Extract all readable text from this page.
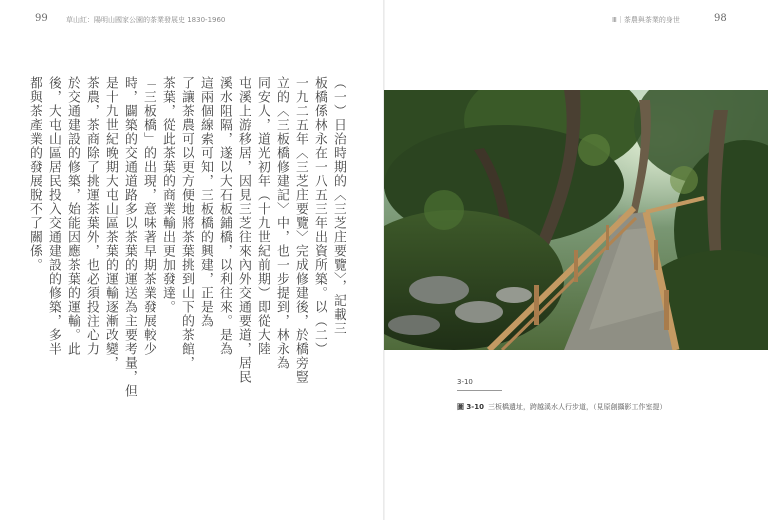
99	草山紅：陽明山國家公園的茶業發展史 1830-1960	Ⅲ｜茶農與茶業的身世	98
（一）日治時期的〈三芝庄要覽〉，記載三
板橋係林永在一八五三年出資所築。以（二）
一九二五年〈三芝庄要覽〉完成修建後，於橋旁豎
立的〈三板橋修建記〉中，也一步提到，林永為
同安人，道光初年（十九世紀前期）即從大陸
屯溪上游移居，因見三芝往來內外交通要道，居民
溪水阻隔，遂以大石板鋪橋，以利往來。是為
這兩個線索可知，三板橋的興建，正是為
了讓茶農可以更方便地將茶葉挑到山下的茶館，
茶葉，從此茶葉的商業輸出更加發達。
「三板橋」的出現，意味著早期茶業發展較少
時，闢築的交通道路多以茶葉的運送為主要考量，但
是十九世紀晚期大屯山區茶葉的運輸逐漸改變，
茶農，茶商除了挑運茶葉外，也必須投注心力
於交通建設的修築，始能因應茶葉的運輸。此
後，大屯山區居民投入交通建設的修築，多半
都與茶產業的發展脫不了關係。
3-10
圖 3-10 三板橋遺址，跨越溪水人行步道，（見原創攝影工作室提）
